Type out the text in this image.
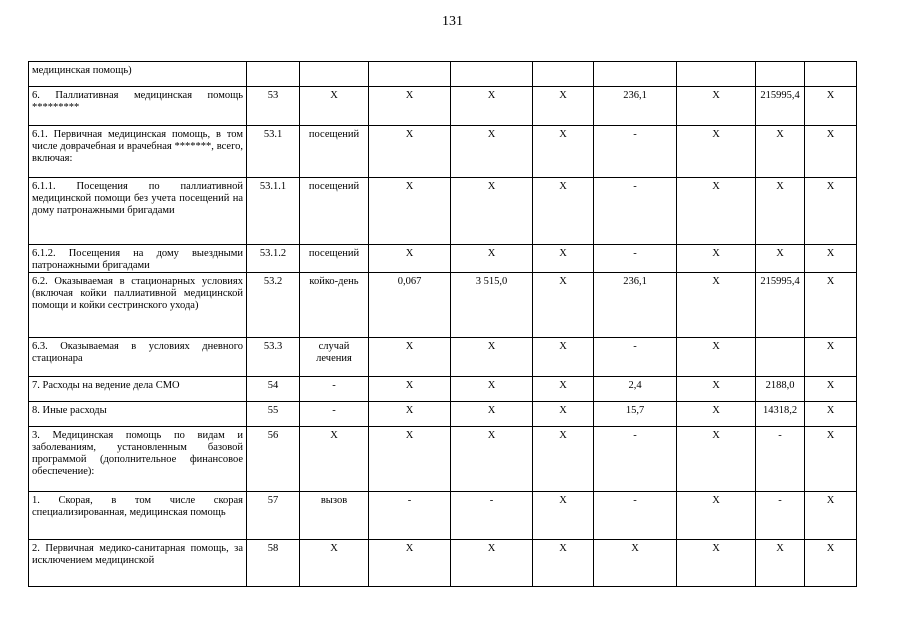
131
медицинская помощь)									
6. Паллиативная медицинская помощь *********	53	X	X	X	X	236,1	X	215995,4	X
6.1. Первичная медицинская помощь, в том числе доврачебная и врачебная *******, всего, включая:	53.1	посещений	X	X	X	-	X	X	X
6.1.1. Посещения по паллиативной медицинской помощи без учета посещений на дому патронажными бригадами	53.1.1	посещений	X	X	X	-	X	X	X
6.1.2. Посещения на дому выездными патронажными бригадами	53.1.2	посещений	X	X	X	-	X	X	X
6.2. Оказываемая в стационарных условиях (включая койки паллиативной медицинской помощи и койки сестринского ухода)	53.2	койко-день	0,067	3 515,0	X	236,1	X	215995,4	X
6.3. Оказываемая в условиях дневного стационара	53.3	случай лечения	X	X	X	-	X		X
7. Расходы на ведение дела СМО	54	-	X	X	X	2,4	X	2188,0	X
8. Иные расходы	55	-	X	X	X	15,7	X	14318,2	X
3. Медицинская помощь по видам и заболеваниям, установленным базовой программой (дополнительное финансовое обеспечение):	56	X	X	X	X	-	X	-	X
1. Скорая, в том числе скорая специализированная, медицинская помощь	57	вызов	-	-	X	-	X	-	X
2. Первичная медико-санитарная помощь, за исключением медицинской	58	X	X	X	X	X	X	X	X
